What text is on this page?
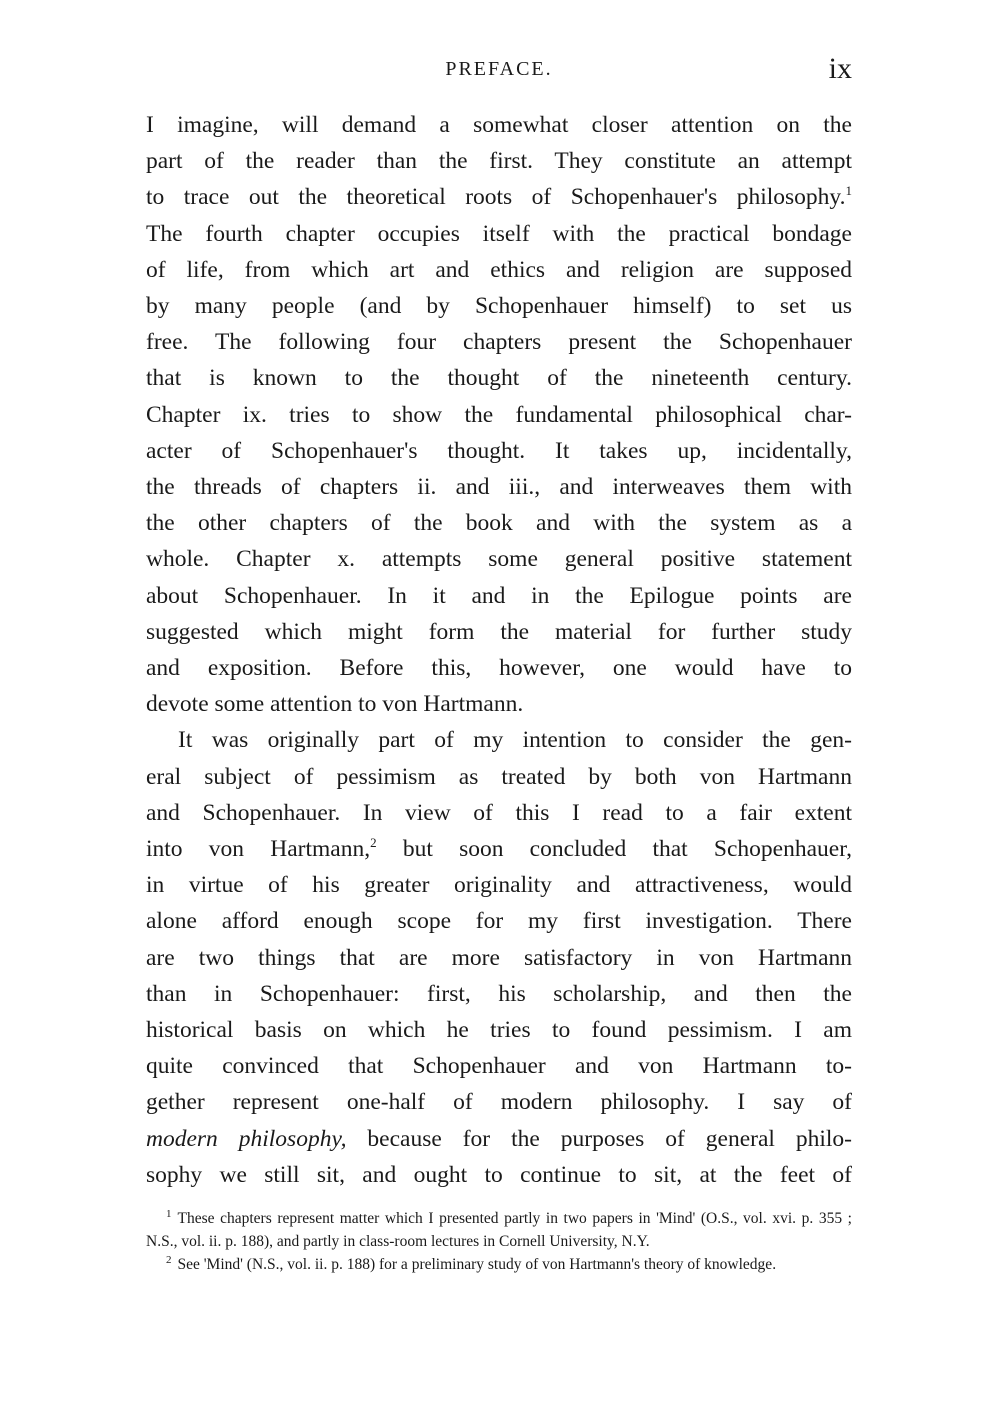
PREFACE.	ix

I imagine, will demand a somewhat closer attention on the

part of the reader than the first. They constitute an attempt

to trace out the theoretical roots of Schopenhauer's philosophy.$^1$

The fourth chapter occupies itself with the practical bondage

of life, from which art and ethics and religion are supposed

by many people (and by Schopenhauer himself) to set us

free. The following four chapters present the Schopenhauer

that is known to the thought of the nineteenth century.

Chapter ix. tries to show the fundamental philosophical char-

acter of Schopenhauer's thought. It takes up, incidentally,

the threads of chapters ii. and iii., and interweaves them with

the other chapters of the book and with the system as a

whole. Chapter x. attempts some general positive statement

about Schopenhauer. In it and in the Epilogue points are

suggested which might form the material for further study

and exposition. Before this, however, one would have to

devote some attention to von Hartmann.

It was originally part of my intention to consider the gen-

eral subject of pessimism as treated by both von Hartmann

and Schopenhauer. In view of this I read to a fair extent

into von Hartmann,$^2$ but soon concluded that Schopenhauer,

in virtue of his greater originality and attractiveness, would

alone afford enough scope for my first investigation. There

are two things that are more satisfactory in von Hartmann

than in Schopenhauer: first, his scholarship, and then the

historical basis on which he tries to found pessimism. I am

quite convinced that Schopenhauer and von Hartmann to-

gether represent one-half of modern philosophy. I say of

modern philosophy, because for the purposes of general philo-

sophy we still sit, and ought to continue to sit, at the feet of

$^1$ These chapters represent matter which I presented partly in two papers in 'Mind' (O.S., vol. xvi. p. 355 ; N.S., vol. ii. p. 188), and partly in class-room lectures in Cornell University, N.Y.

$^2$ See 'Mind' (N.S., vol. ii. p. 188) for a preliminary study of von Hartmann's theory of knowledge.
